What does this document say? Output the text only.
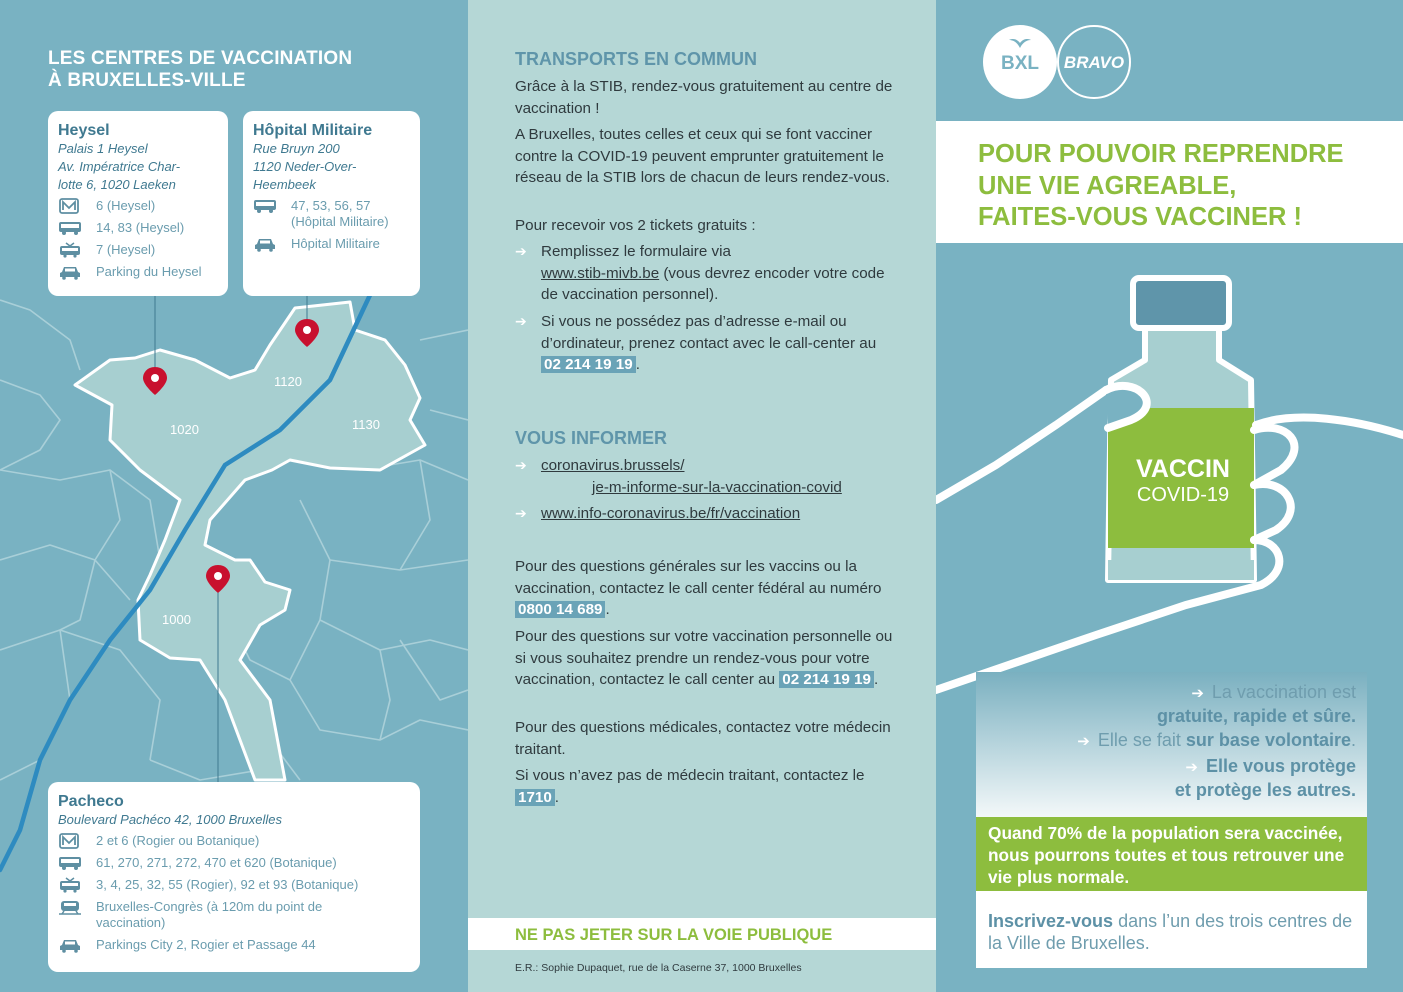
1020
1120
1130
1000
LES CENTRES DE VACCINATION
À BRUXELLES-VILLE
Heysel
Palais 1 Heysel
Av. Impératrice Char-
lotte 6, 1020 Laeken
6 (Heysel)
14, 83 (Heysel)
7 (Heysel)
Parking du Heysel
Hôpital Militaire
Rue Bruyn 200
1120 Neder-Over-
Heembeek
47, 53, 56, 57
(Hôpital Militaire)
Hôpital Militaire
Pacheco
Boulevard Pachéco 42, 1000 Bruxelles
2 et 6 (Rogier ou Botanique)
61, 270, 271, 272, 470 et 620 (Botanique)
3, 4, 25, 32, 55 (Rogier), 92 et 93 (Botanique)
Bruxelles-Congrès (à 120m du point de
vaccination)
Parkings City 2, Rogier et Passage 44
TRANSPORTS EN COMMUN
Grâce à la STIB, rendez-vous gratuitement au centre de vaccination !
A Bruxelles, toutes celles et ceux qui se font vacciner contre la COVID-19 peuvent emprunter gratuitement le réseau de la STIB lors de chacun de leurs rendez-vous.
Pour recevoir vos 2 tickets gratuits :
➔ Remplissez le formulaire via
www.stib-mivb.be (vous devrez encoder votre code de vaccination personnel).
➔ Si vous ne possédez pas d’adresse e-mail ou d’ordinateur, prenez contact avec le call-center au 02 214 19 19 .
VOUS INFORMER
➔ coronavirus.brussels/
je-m-informe-sur-la-vaccination-covid
➔ www.info-coronavirus.be/fr/vaccination
Pour des questions générales sur les vaccins ou la vaccination, contactez le call center fédéral au numéro 0800 14 689 .
Pour des questions sur votre vaccination personnelle ou si vous souhaitez prendre un rendez-vous pour votre vaccination, contactez le call center au 02 214 19 19 .
Pour des questions médicales, contactez votre médecin traitant.
Si vous n’avez pas de médecin traitant, contactez le 1710 .
NE PAS JETER SUR LA VOIE PUBLIQUE
E.R.: Sophie Dupaquet, rue de la Caserne 37, 1000 Bruxelles
BXL	BRAVO
POUR POUVOIR REPRENDRE
UNE VIE AGREABLE,
FAITES-VOUS VACCINER !
VACCIN
COVID-19
➔ La vaccination est
gratuite, rapide et sûre.
➔ Elle se fait sur base volontaire.
➔ Elle vous protège
et protège les autres.
Quand 70% de la population sera vaccinée, nous pourrons toutes et tous retrouver une vie plus normale.
Inscrivez-vous dans l’un des trois centres de la Ville de Bruxelles.
